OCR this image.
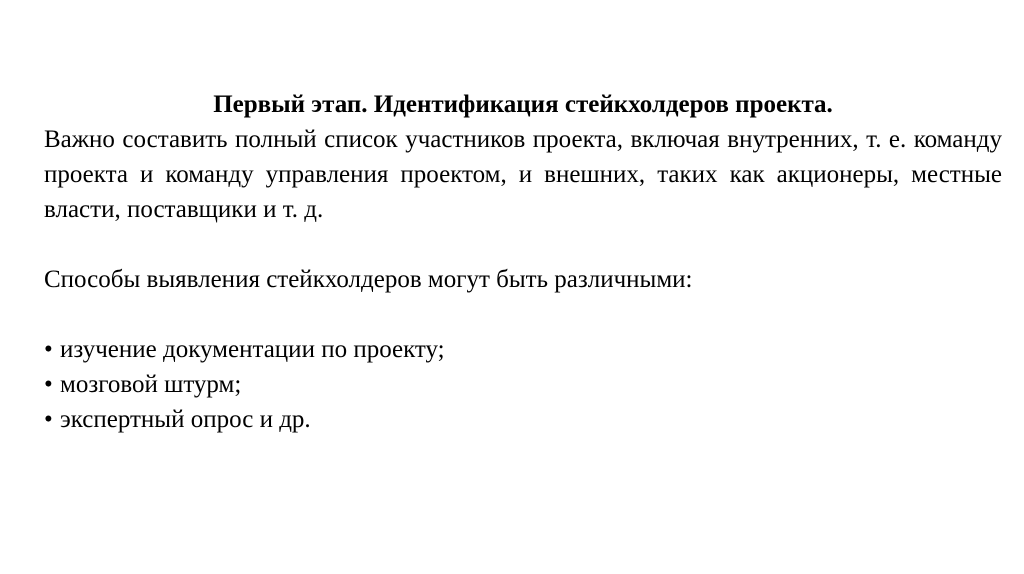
Первый этап. Идентификация стейкхолдеров проекта.

Важно составить полный список участников проекта, включая внутренних, т. е. команду проекта и команду управления проектом, и внешних, таких как акционеры, местные власти, поставщики и т. д.

Способы выявления стейкхолдеров могут быть различными:

• изучение документации по проекту;
• мозговой штурм;
• экспертный опрос и др.
